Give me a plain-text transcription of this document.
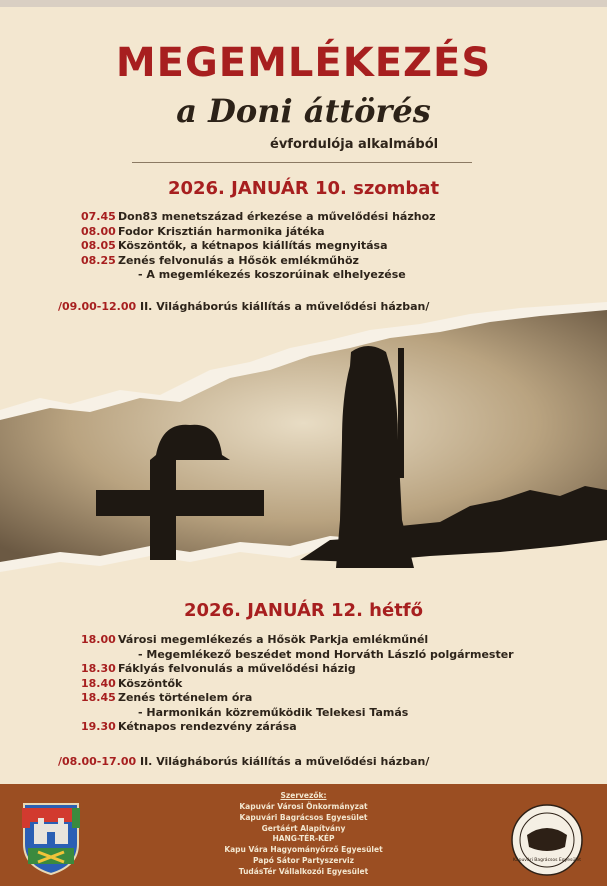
MEGEMLÉKEZÉS
a Doni áttörés
évfordulója alkalmából
2026. JANUÁR 10. szombat
07.45 Don83 menetszázad érkezése a művelődési házhoz
08.00 Fodor Krisztián harmonika játéka
08.05 Köszöntők, a kétnapos kiállítás megnyitása
08.25 Zenés felvonulás a Hősök emlékműhöz
- A megemlékezés koszorúinak elhelyezése
/09.00-12.00 II. Világháborús kiállítás a művelődési házban/
2026. JANUÁR 12. hétfő
18.00 Városi megemlékezés a Hősök Parkja emlékműnél
- Megemlékező beszédet mond Horváth László polgármester
18.30 Fáklyás felvonulás a művelődési házig
18.40 Köszöntők
18.45 Zenés történelem óra
- Harmonikán közreműködik Telekesi Tamás
19.30 Kétnapos rendezvény zárása
/08.00-17.00 II. Világháborús kiállítás a művelődési házban/
Szervezők:
Kapuvár Városi Önkormányzat
Kapuvári Bagrácsos Egyesület
Gertáért Alapítvány
HANG-TÉR-KÉP
Kapu Vára Hagyományőrző Egyesület
Papó Sátor Partyszerviz
TudásTér Vállalkozói Egyesület
Kapuvári Bagrácsos Egyesület
